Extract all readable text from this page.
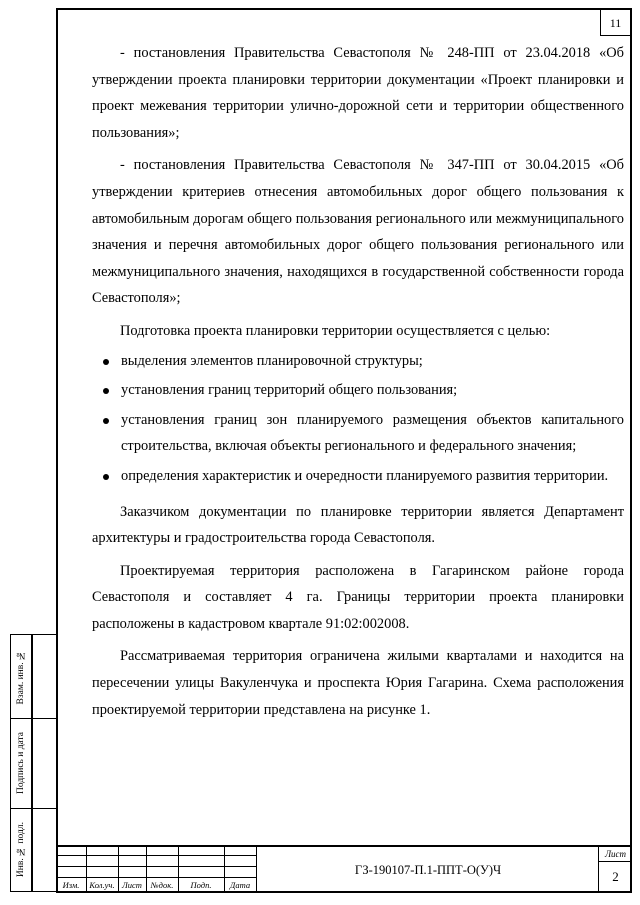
11

- постановления Правительства Севастополя № 248-ПП от 23.04.2018 «Об утверждении проекта планировки территории документации «Проект планировки и проект межевания территории улично-дорожной сети и территории общественного пользования»;

- постановления Правительства Севастополя № 347-ПП от 30.04.2015 «Об утверждении критериев отнесения автомобильных дорог общего пользования к автомобильным дорогам общего пользования регионального или межмуниципального значения и перечня автомобильных дорог общего пользования регионального или межмуниципального значения, находящихся в государственной собственности города Севастополя»;

Подготовка проекта планировки территории осуществляется с целью:

выделения элементов планировочной структуры;
установления границ территорий общего пользования;
установления границ зон планируемого размещения объектов капитального строительства, включая объекты регионального и федерального значения;
определения характеристик и очередности планируемого развития территории.

Заказчиком документации по планировке территории является Департамент архитектуры и градостроительства города Севастополя.

Проектируемая территория расположена в Гагаринском районе города Севастополя и составляет 4 га. Границы территории проекта планировки расположены в кадастровом квартале 91:02:002008.

Рассматриваемая территория ограничена жилыми кварталами и находится на пересечении улицы Вакуленчука и проспекта Юрия Гагарина. Схема расположения проектируемой территории представлена на рисунке 1.

Взам. инв. №
Подпись и дата
Инв. № подл.
Изм.	Кол.уч. Лист	№док.	Подп.	Дата
ГЗ-190107-П.1-ППТ-О(У)Ч
Лист
2
